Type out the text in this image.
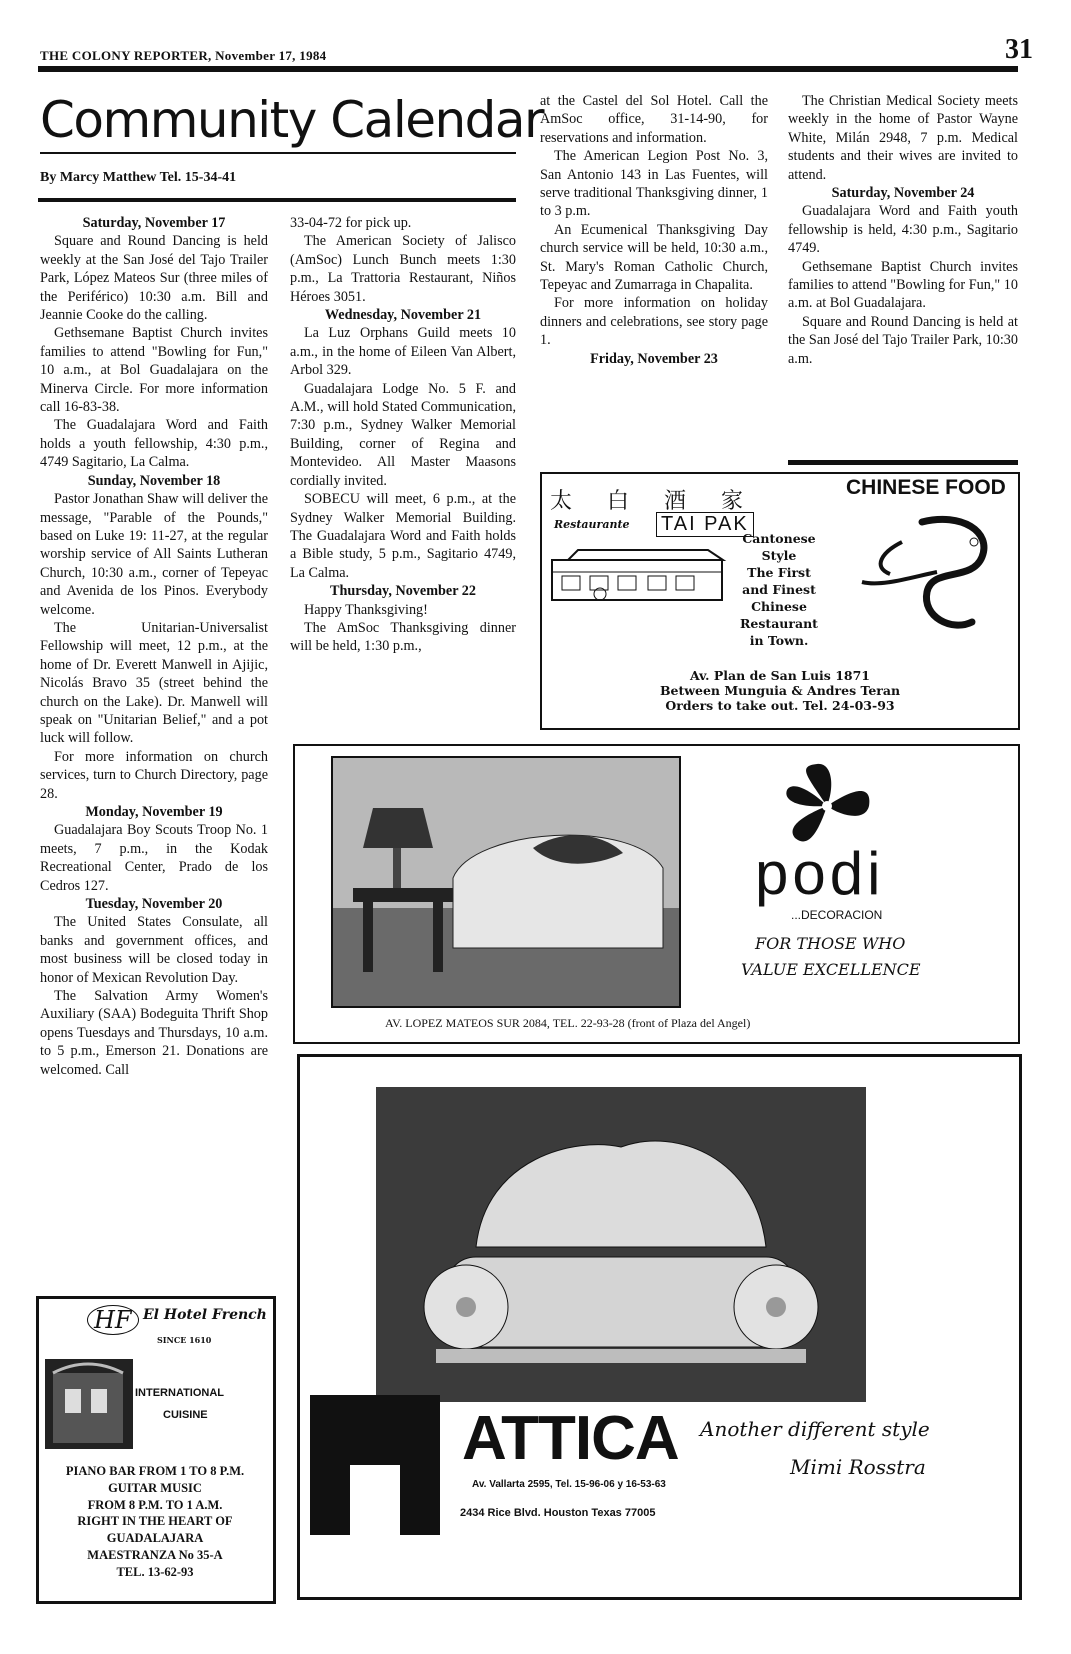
THE COLONY REPORTER, November 17, 1984	31
Community Calendar
By Marcy Matthew Tel. 15-34-41

Saturday, November 17

Square and Round Dancing is held weekly at the San José del Tajo Trailer Park, López Mateos Sur (three miles of the Periférico) 10:30 a.m. Bill and Jeannie Cooke do the calling.

Gethsemane Baptist Church invites families to attend "Bowling for Fun," 10 a.m., at Bol Guadalajara on the Minerva Circle. For more information call 16-83-38.

The Guadalajara Word and Faith holds a youth fellowship, 4:30 p.m., 4749 Sagitario, La Calma.

Sunday, November 18

Pastor Jonathan Shaw will deliver the message, "Parable of the Pounds," based on Luke 19: 11-27, at the regular worship service of All Saints Lutheran Church, 10:30 a.m., corner of Tepeyac and Avenida de los Pinos. Everybody welcome.

The Unitarian-Universalist Fellowship will meet, 12 p.m., at the home of Dr. Everett Manwell in Ajijic, Nicolás Bravo 35 (street behind the church on the Lake). Dr. Manwell will speak on "Unitarian Belief," and a pot luck will follow.

For more information on church services, turn to Church Directory, page 28.

Monday, November 19

Guadalajara Boy Scouts Troop No. 1 meets, 7 p.m., in the Kodak Recreational Center, Prado de los Cedros 127.

Tuesday, November 20

The United States Consulate, all banks and government offices, and most business will be closed today in honor of Mexican Revolution Day.

The Salvation Army Women's Auxiliary (SAA) Bodeguita Thrift Shop opens Tuesdays and Thursdays, 10 a.m. to 5 p.m., Emerson 21. Donations are welcomed. Call

33-04-72 for pick up.

The American Society of Jalisco (AmSoc) Lunch Bunch meets 1:30 p.m., La Trattoria Restaurant, Niños Héroes 3051.

Wednesday, November 21

La Luz Orphans Guild meets 10 a.m., in the home of Eileen Van Albert, Arbol 329.

Guadalajara Lodge No. 5 F. and A.M., will hold Stated Communication, 7:30 p.m., Sydney Walker Memorial Building, corner of Regina and Montevideo. All Master Maasons cordially invited.

SOBECU will meet, 6 p.m., at the Sydney Walker Memorial Building. The Guadalajara Word and Faith holds a Bible study, 5 p.m., Sagitario 4749, La Calma.

Thursday, November 22

Happy Thanksgiving!

The AmSoc Thanksgiving dinner will be held, 1:30 p.m.,

at the Castel del Sol Hotel. Call the AmSoc office, 31-14-90, for reservations and information.

The American Legion Post No. 3, San Antonio 143 in Las Fuentes, will serve traditional Thanksgiving dinner, 1 to 3 p.m.

An Ecumenical Thanksgiving Day church service will be held, 10:30 a.m., St. Mary's Roman Catholic Church, Tepeyac and Zumarraga in Chapalita.

For more information on holiday dinners and celebrations, see story page 1.

Friday, November 23

The Christian Medical Society meets weekly in the home of Pastor Wayne White, Milán 2948, 7 p.m. Medical students and their wives are invited to attend.

Saturday, November 24

Guadalajara Word and Faith youth fellowship is held, 4:30 p.m., Sagitario 4749.

Gethsemane Baptist Church invites families to attend "Bowling for Fun," 10 a.m. at Bol Guadalajara.

Square and Round Dancing is held at the San José del Tajo Trailer Park, 10:30 a.m.

太 白 酒 家
Restaurante TAI PAK
CHINESE FOOD
Cantonese
Style
The First
and Finest
Chinese
Restaurant
in Town.
Av. Plan de San Luis 1871
Between Munguia & Andres Teran
Orders to take out. Tel. 24-03-93
podi
...DECORACION
FOR THOSE WHO
VALUE EXCELLENCE
AV. LOPEZ MATEOS SUR 2084, TEL. 22-93-28 (front of Plaza del Angel)
ATTICA Another different style
Mimi Rosstra
Av. Vallarta 2595, Tel. 15-96-06 y 16-53-63
2434 Rice Blvd. Houston Texas 77005
HF El Hotel French
SINCE 1610
INTERNATIONAL
CUISINE
PIANO BAR FROM 1 TO 8 P.M.
GUITAR MUSIC
FROM 8 P.M. TO 1 A.M.
RIGHT IN THE HEART OF
GUADALAJARA
MAESTRANZA No 35-A
TEL. 13-62-93
